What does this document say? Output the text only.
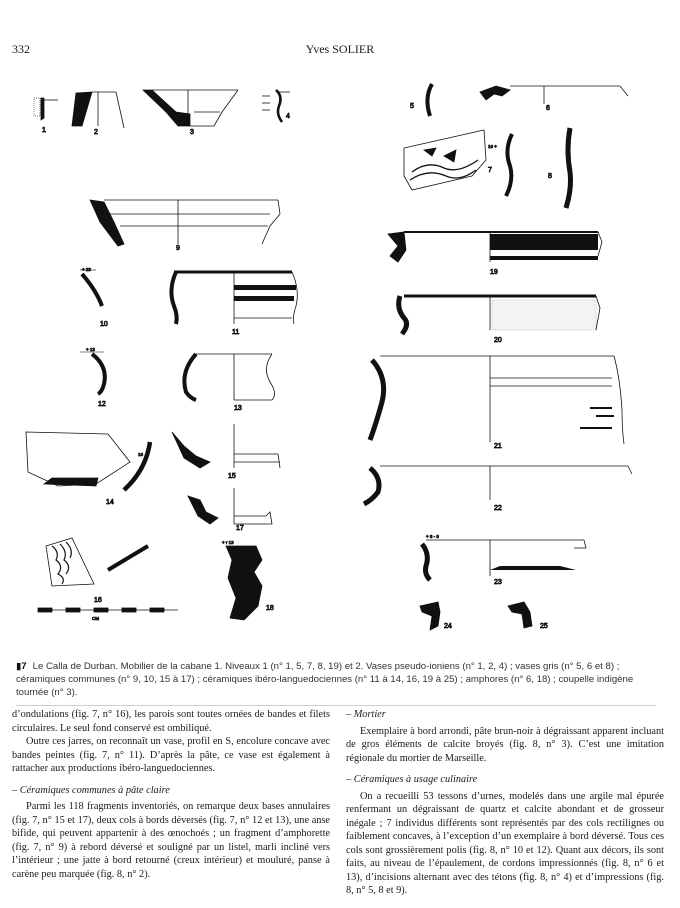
332	Yves SOLIER
1	2	3
4
9
+ 23
10
11
+ 13
12
13
19
14
15
17
16
CM
+ r 13
18
5	6
19 +
7
8
19
20
21
22
+ 8 - 9
23
24	25
▮7 Le Calla de Durban. Mobilier de la cabane 1. Niveaux 1 (n° 1, 5, 7, 8, 19) et 2. Vases pseudo-ioniens (n° 1, 2, 4) ; vases gris (n° 5, 6 et 8) ; céramiques communes (n° 9, 10, 15 à 17) ; céramiques ibéro-languedociennes (n° 11 à 14, 16, 19 à 25) ; amphores (n° 6, 18) ; coupelle indigène tournée (n° 3).

d’ondulations (fig. 7, n° 16), les parois sont toutes ornées de bandes et filets circulaires. Le seul fond conservé est ombiliqué.

Outre ces jarres, on reconnaît un vase, profil en S, encolure concave avec bandes peintes (fig. 7, n° 11). D’après la pâte, ce vase est également à rattacher aux productions ibéro-languedociennes.

– Céramiques communes à pâte claire

Parmi les 118 fragments inventoriés, on remarque deux bases annulaires (fig. 7, n° 15 et 17), deux cols à bords déversés (fig. 7, n° 12 et 13), une anse bifide, qui peuvent appartenir à des œnochoés ; un fragment d’amphorette (fig. 7, n° 9) à rebord déversé et souligné par un listel, marli incliné vers l’intérieur ; une jatte à bord retourné (creux intérieur) et mouluré, panse à carène peu marquée (fig. 8, n° 2).

– Mortier

Exemplaire à bord arrondi, pâte brun-noir à dégraissant apparent incluant de gros éléments de calcite broyés (fig. 8, n° 3). C’est une imitation régionale du mortier de Marseille.

– Céramiques à usage culinaire

On a recueilli 53 tessons d’urnes, modelés dans une argile mal épurée renfermant un dégraissant de quartz et calcite abondant et de grosseur inégale ; 7 individus différents sont représentés par des cols rectilignes ou faiblement concaves, à l’exception d’un exemplaire à bord déversé. Tous ces cols sont grossièrement polis (fig. 8, n° 10 et 12). Quant aux décors, ils sont faits, au niveau de l’épaulement, de cordons impressionnés (fig. 8, n° 6 et 13), d’incisions alternant avec des tétons (fig. 8, n° 4) et d’impressions (fig. 8, n° 5, 8 et 9).
